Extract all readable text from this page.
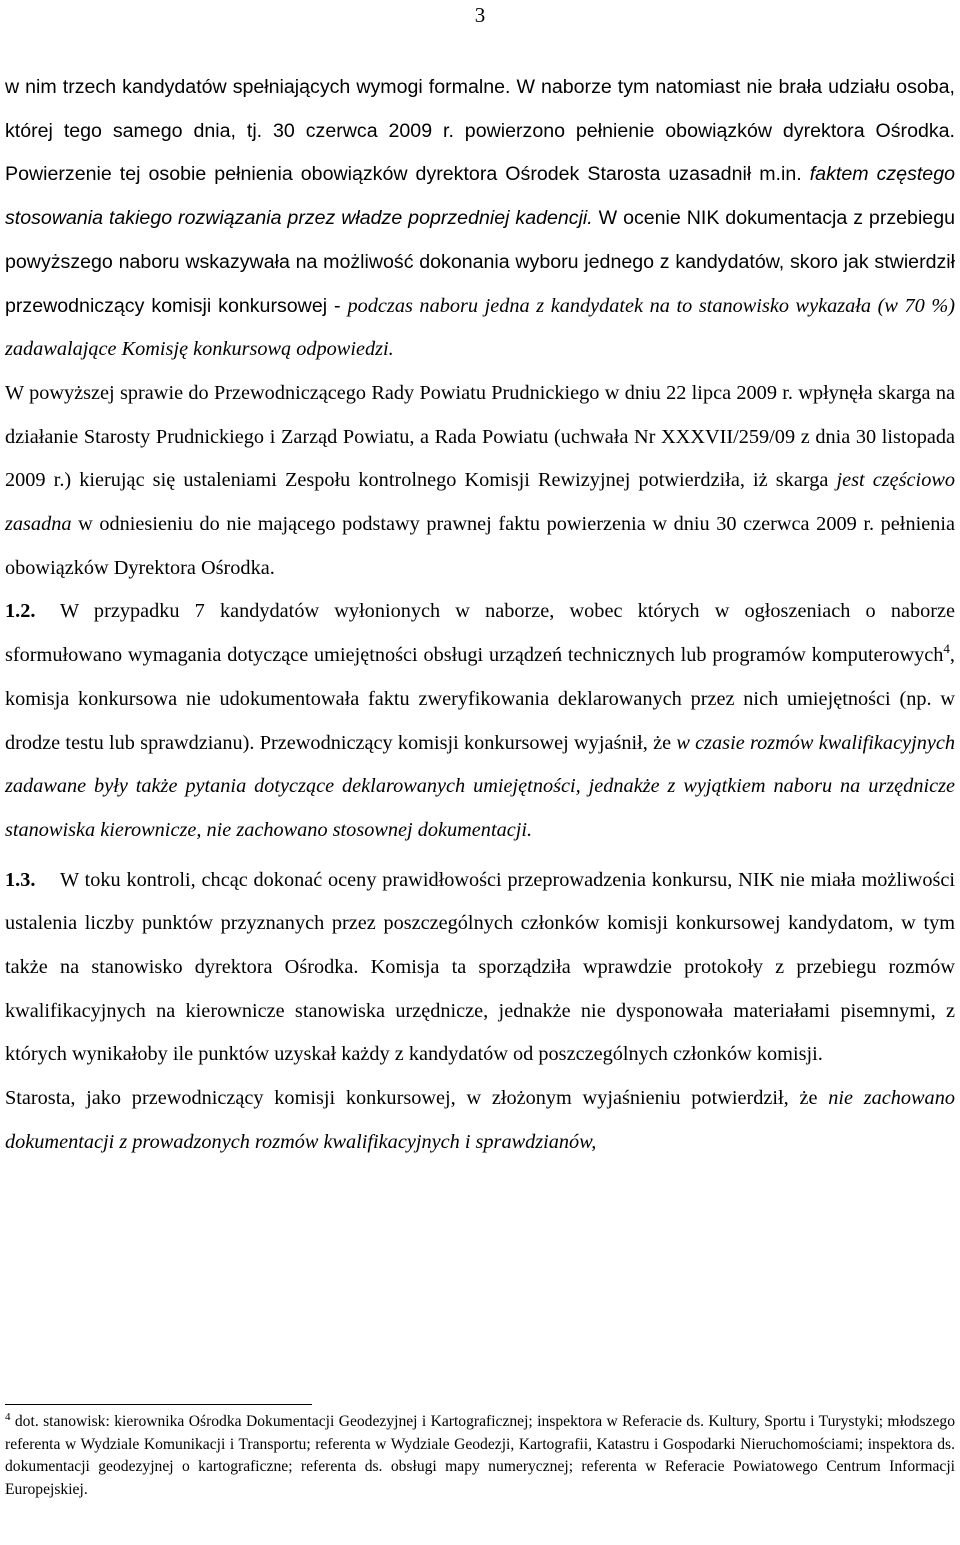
3

w nim trzech kandydatów spełniających wymogi formalne. W naborze tym natomiast nie brała udziału osoba, której tego samego dnia, tj. 30 czerwca 2009 r. powierzono pełnienie obowiązków dyrektora Ośrodka. Powierzenie tej osobie pełnienia obowiązków dyrektora Ośrodek Starosta uzasadnił m.in. faktem częstego stosowania takiego rozwiązania przez władze poprzedniej kadencji. W ocenie NIK dokumentacja z przebiegu powyższego naboru wskazywała na możliwość dokonania wyboru jednego z kandydatów, skoro jak stwierdził przewodniczący komisji konkursowej - podczas naboru jedna z kandydatek na to stanowisko wykazała (w 70 %) zadawalające Komisję konkursową odpowiedzi.

W powyższej sprawie do Przewodniczącego Rady Powiatu Prudnickiego w dniu 22 lipca 2009 r. wpłynęła skarga na działanie Starosty Prudnickiego i Zarząd Powiatu, a Rada Powiatu (uchwała Nr XXXVII/259/09 z dnia 30 listopada 2009 r.) kierując się ustaleniami Zespołu kontrolnego Komisji Rewizyjnej potwierdziła, iż skarga jest częściowo zasadna w odniesieniu do nie mającego podstawy prawnej faktu powierzenia w dniu 30 czerwca 2009 r. pełnienia obowiązków Dyrektora Ośrodka.

1.2. W przypadku 7 kandydatów wyłonionych w naborze, wobec których w ogłoszeniach o naborze sformułowano wymagania dotyczące umiejętności obsługi urządzeń technicznych lub programów komputerowych$^4$, komisja konkursowa nie udokumentowała faktu zweryfikowania deklarowanych przez nich umiejętności (np. w drodze testu lub sprawdzianu). Przewodniczący komisji konkursowej wyjaśnił, że w czasie rozmów kwalifikacyjnych zadawane były także pytania dotyczące deklarowanych umiejętności, jednakże z wyjątkiem naboru na urzędnicze stanowiska kierownicze, nie zachowano stosownej dokumentacji.

1.3. W toku kontroli, chcąc dokonać oceny prawidłowości przeprowadzenia konkursu, NIK nie miała możliwości ustalenia liczby punktów przyznanych przez poszczególnych członków komisji konkursowej kandydatom, w tym także na stanowisko dyrektora Ośrodka. Komisja ta sporządziła wprawdzie protokoły z przebiegu rozmów kwalifikacyjnych na kierownicze stanowiska urzędnicze, jednakże nie dysponowała materiałami pisemnymi, z których wynikałoby ile punktów uzyskał każdy z kandydatów od poszczególnych członków komisji.

Starosta, jako przewodniczący komisji konkursowej, w złożonym wyjaśnieniu potwierdził, że nie zachowano dokumentacji z prowadzonych rozmów kwalifikacyjnych i sprawdzianów,

$^4$ dot. stanowisk: kierownika Ośrodka Dokumentacji Geodezyjnej i Kartograficznej; inspektora w Referacie ds. Kultury, Sportu i Turystyki; młodszego referenta w Wydziale Komunikacji i Transportu; referenta w Wydziale Geodezji, Kartografii, Katastru i Gospodarki Nieruchomościami; inspektora ds. dokumentacji geodezyjnej o kartograficzne; referenta ds. obsługi mapy numerycznej; referenta w Referacie Powiatowego Centrum Informacji Europejskiej.
